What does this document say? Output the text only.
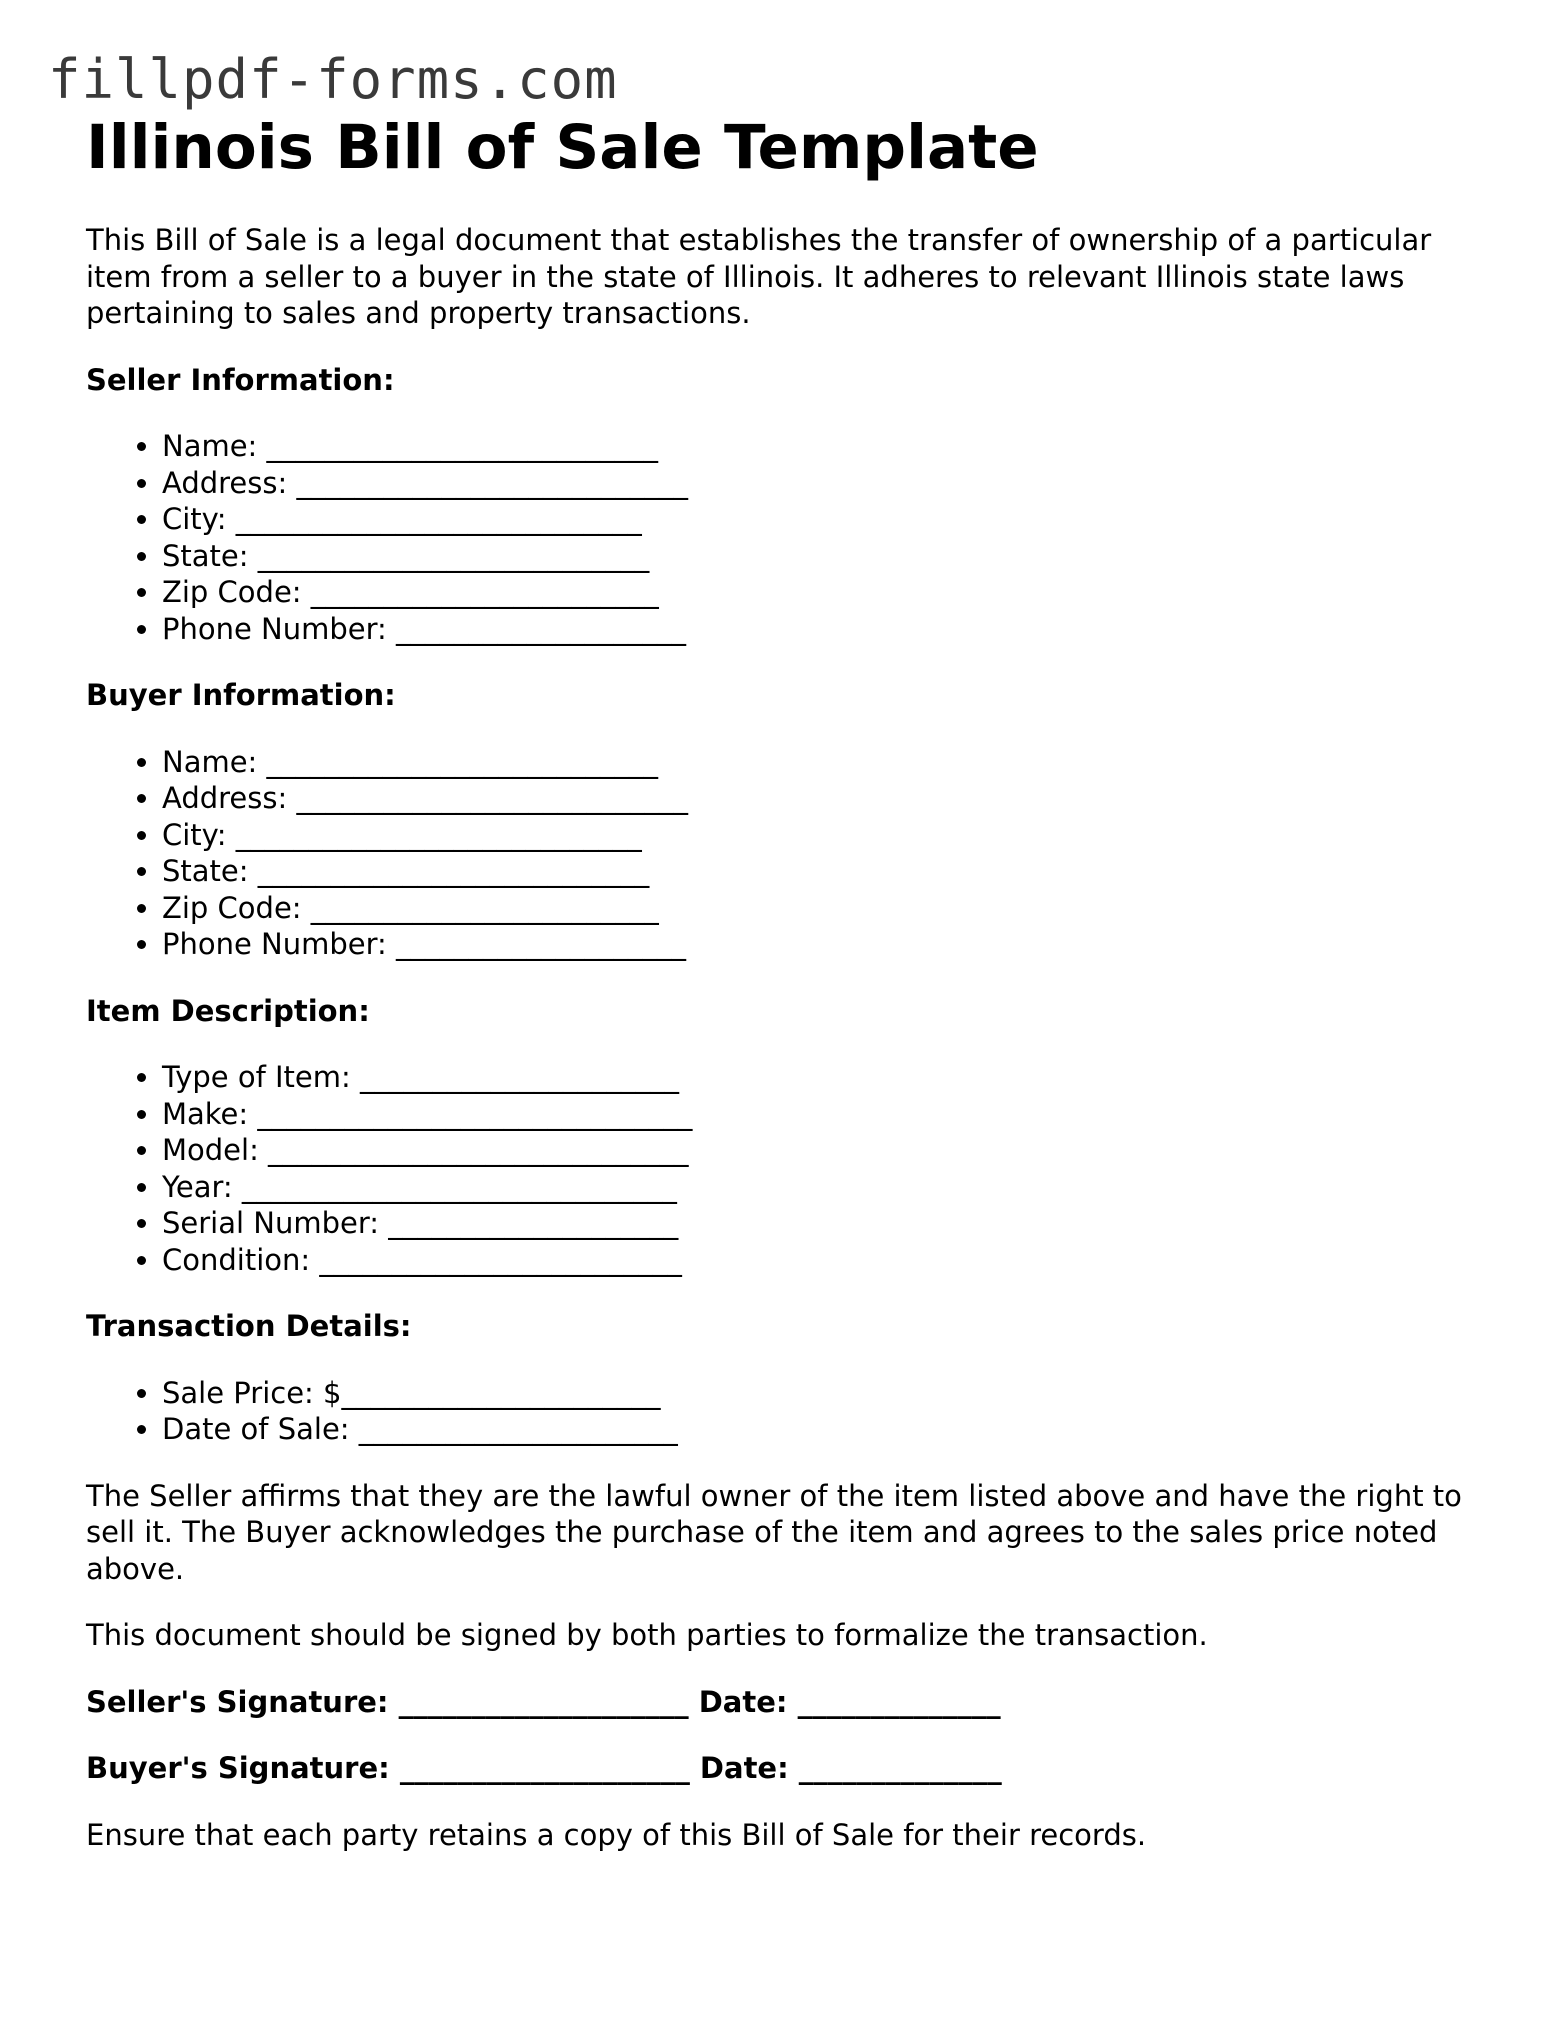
fillpdf-forms.com
Illinois Bill of Sale Template

This Bill of Sale is a legal document that establishes the transfer of ownership of a particular item from a seller to a buyer in the state of Illinois. It adheres to relevant Illinois state laws pertaining to sales and property transactions.

Seller Information:
• Name: ___________________________
• Address: ___________________________
• City: ____________________________
• State: ___________________________
• Zip Code: ________________________
• Phone Number: ____________________
Buyer Information:
• Name: ___________________________
• Address: ___________________________
• City: ____________________________
• State: ___________________________
• Zip Code: ________________________
• Phone Number: ____________________
Item Description:
• Type of Item: ______________________
• Make: ______________________________
• Model: _____________________________
• Year: ______________________________
• Serial Number: ____________________
• Condition: _________________________
Transaction Details:
• Sale Price: $______________________
• Date of Sale: ______________________

The Seller affirms that they are the lawful owner of the item listed above and have the right to sell it. The Buyer acknowledges the purchase of the item and agrees to the sales price noted above.

This document should be signed by both parties to formalize the transaction.

Seller's Signature: ____________________ Date: ______________
Buyer's Signature: ____________________ Date: ______________

Ensure that each party retains a copy of this Bill of Sale for their records.
